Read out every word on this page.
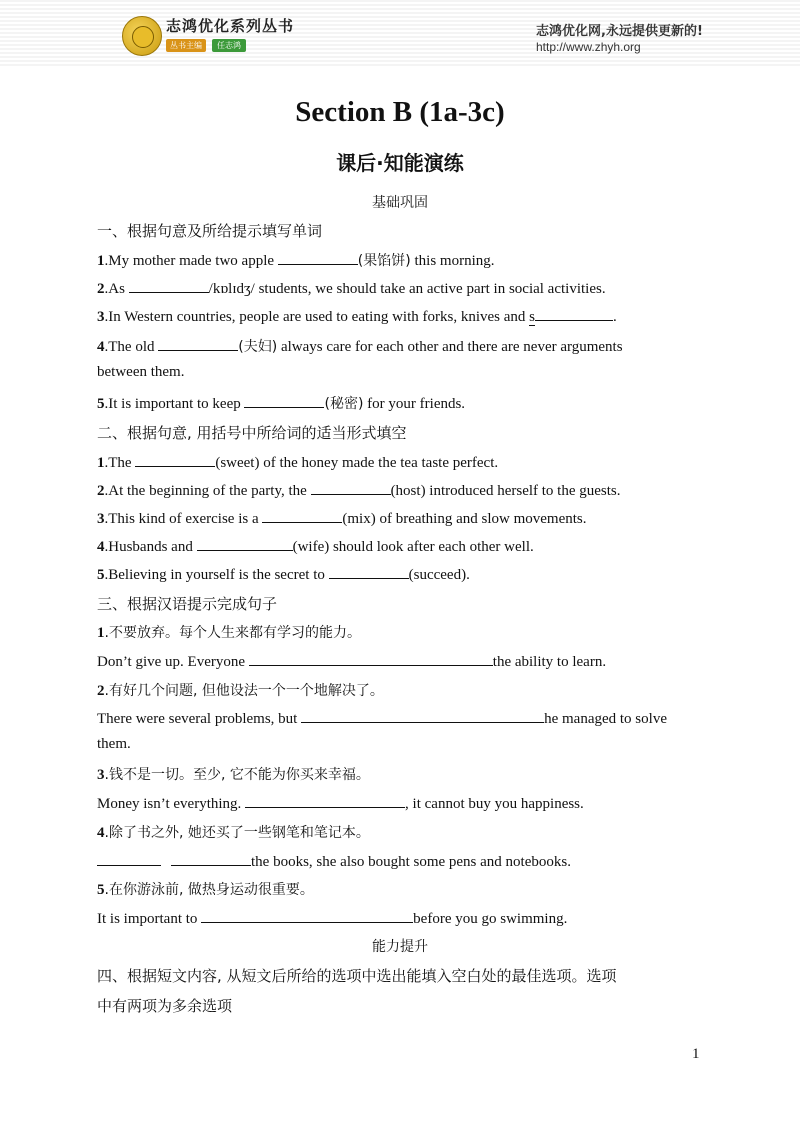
志鸿优化系列丛书
丛书主编	任志鸿
志鸿优化网,永远提供更新的!
http://www.zhyh.org
Section B (1a-3c)
课后·知能演练
基础巩固
一、根据句意及所给提示填写单词
1.My mother made two apple	(果馅饼) this morning.
2.As	/kɒlɪdʒ/ students, we should take an active part in social activities.
3.In Western countries, people are used to eating with forks, knives and s	.
4.The old	(夫妇) always care for each other and there are never arguments
between them.
5.It is important to keep	(秘密) for your friends.
二、根据句意, 用括号中所给词的适当形式填空
1.The	(sweet) of the honey made the tea taste perfect.
2.At the beginning of the party, the	(host) introduced herself to the guests.
3.This kind of exercise is a	(mix) of breathing and slow movements.
4.Husbands and	(wife) should look after each other well.
5.Believing in yourself is the secret to	(succeed).
三、根据汉语提示完成句子
1.不要放弃。每个人生来都有学习的能力。
Don’t give up. Everyone	the ability to learn.
2.有好几个问题, 但他设法一个一个地解决了。
There were several problems, but	he managed to solve
them.
3.钱不是一切。至少, 它不能为你买来幸福。
Money isn’t everything.	, it cannot buy you happiness.
4.除了书之外, 她还买了一些钢笔和笔记本。
the books, she also bought some pens and notebooks.
5.在你游泳前, 做热身运动很重要。
It is important to	before you go swimming.
能力提升
四、根据短文内容, 从短文后所给的选项中选出能填入空白处的最佳选项。选项
中有两项为多余选项
1
